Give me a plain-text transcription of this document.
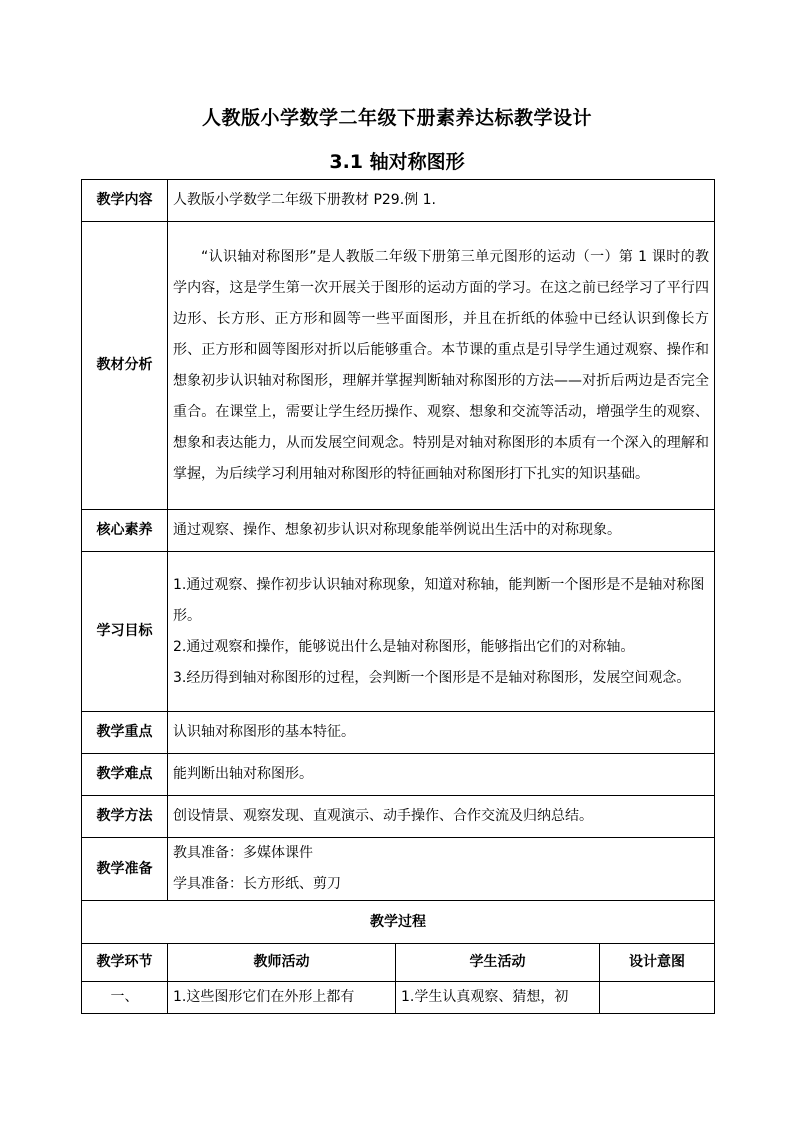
人教版小学数学二年级下册素养达标教学设计
3.1 轴对称图形
教学内容	人教版小学数学二年级下册教材 P29.例 1.		
教材分析	“认识轴对称图形”是人教版二年级下册第三单元图形的运动（一）第 1 课时的教学内容，这是学生第一次开展关于图形的运动方面的学习。在这之前已经学习了平行四边形、长方形、正方形和圆等一些平面图形，并且在折纸的体验中已经认识到像长方形、正方形和圆等图形对折以后能够重合。本节课的重点是引导学生通过观察、操作和想象初步认识轴对称图形，理解并掌握判断轴对称图形的方法——对折后两边是否完全重合。在课堂上，需要让学生经历操作、观察、想象和交流等活动，增强学生的观察、想象和表达能力，从而发展空间观念。特别是对轴对称图形的本质有一个深入的理解和掌握，为后续学习利用轴对称图形的特征画轴对称图形打下扎实的知识基础。		
核心素养	通过观察、操作、想象初步认识对称现象能举例说出生活中的对称现象。		
学习目标	1.通过观察、操作初步认识轴对称现象，知道对称轴，能判断一个图形是不是轴对称图形。
2.通过观察和操作，能够说出什么是轴对称图形，能够指出它们的对称轴。
3.经历得到轴对称图形的过程，会判断一个图形是不是轴对称图形，发展空间观念。		

教学重点	认识轴对称图形的基本特征。		
教学难点	能判断出轴对称图形。		
教学方法	创设情景、观察发现、直观演示、动手操作、合作交流及归纳总结。		
教学准备	教具准备：多媒体课件
学具准备：长方形纸、剪刀		

教学过程			
教学环节	教师活动	学生活动	设计意图
一、	1.这些图形它们在外形上都有	1.学生认真观察、猜想，初	
